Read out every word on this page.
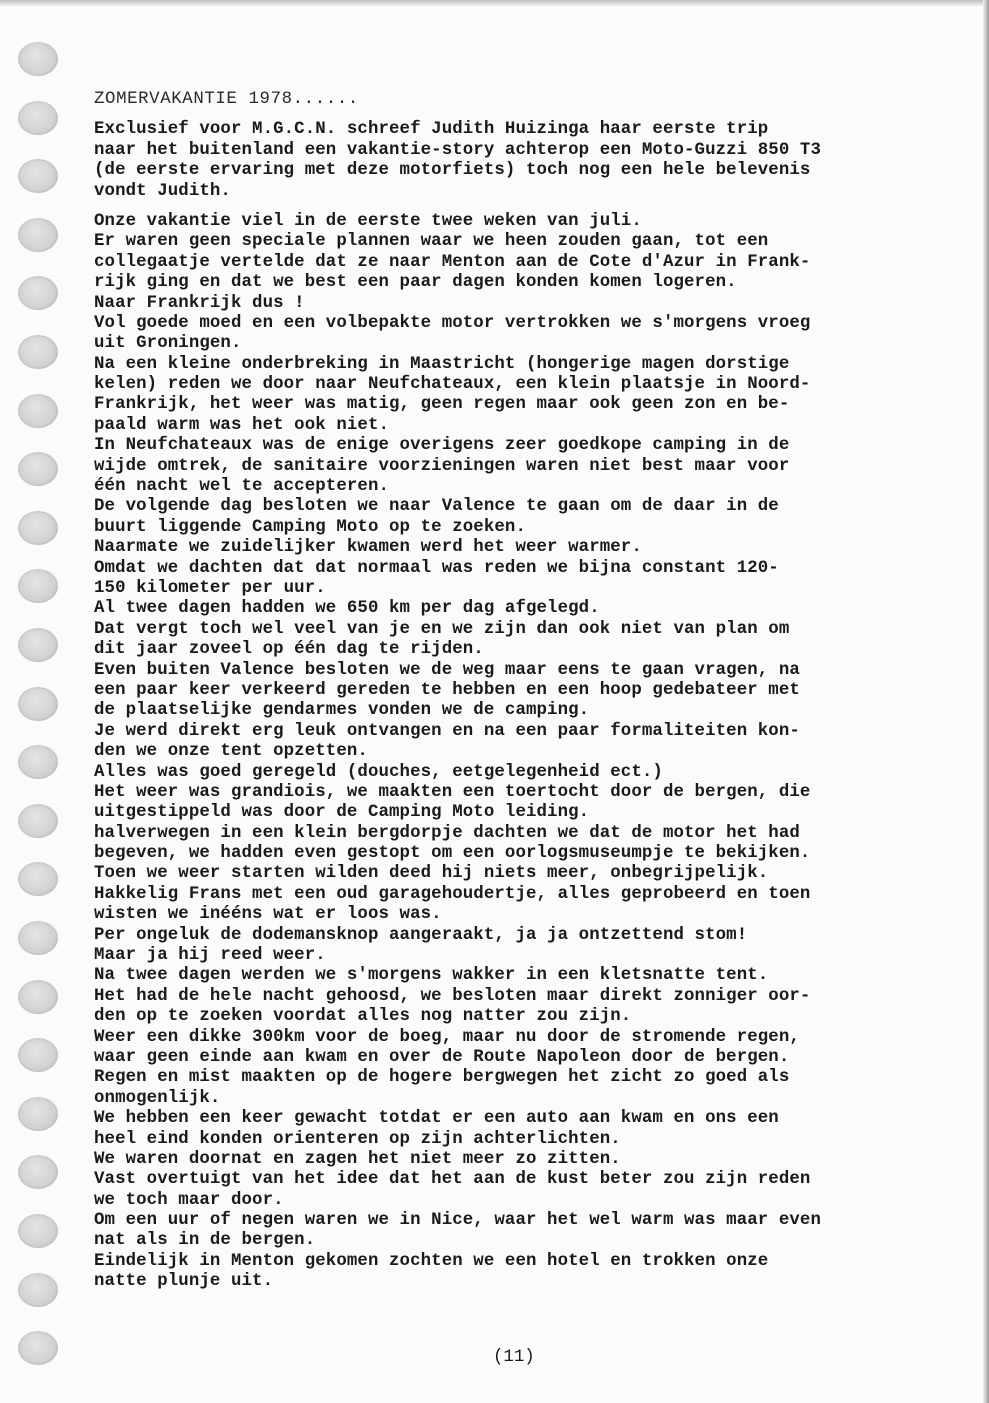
ZOMERVAKANTIE 1978......
Exclusief voor M.G.C.N. schreef Judith Huizinga haar eerste trip
naar het buitenland een vakantie-story achterop een Moto-Guzzi 850 T3
(de eerste ervaring met deze motorfiets) toch nog een hele belevenis
vondt Judith.
Onze vakantie viel in de eerste twee weken van juli.
Er waren geen speciale plannen waar we heen zouden gaan, tot een
collegaatje vertelde dat ze naar Menton aan de Cote d'Azur in Frank-
rijk ging en dat we best een paar dagen konden komen logeren.
Naar Frankrijk dus !
Vol goede moed en een volbepakte motor vertrokken we s'morgens vroeg
uit Groningen.
Na een kleine onderbreking in Maastricht (hongerige magen dorstige
kelen) reden we door naar Neufchateaux, een klein plaatsje in Noord-
Frankrijk, het weer was matig, geen regen maar ook geen zon en be-
paald warm was het ook niet.
In Neufchateaux was de enige overigens zeer goedkope camping in de
wijde omtrek, de sanitaire voorzieningen waren niet best maar voor
één nacht wel te accepteren.
De volgende dag besloten we naar Valence te gaan om de daar in de
buurt liggende Camping Moto op te zoeken.
Naarmate we zuidelijker kwamen werd het weer warmer.
Omdat we dachten dat dat normaal was reden we bijna constant 120-
150 kilometer per uur.
Al twee dagen hadden we 650 km per dag afgelegd.
Dat vergt toch wel veel van je en we zijn dan ook niet van plan om
dit jaar zoveel op één dag te rijden.
Even buiten Valence besloten we de weg maar eens te gaan vragen, na
een paar keer verkeerd gereden te hebben en een hoop gedebateer met
de plaatselijke gendarmes vonden we de camping.
Je werd direkt erg leuk ontvangen en na een paar formaliteiten kon-
den we onze tent opzetten.
Alles was goed geregeld (douches, eetgelegenheid ect.)
Het weer was grandiois, we maakten een toertocht door de bergen, die
uitgestippeld was door de Camping Moto leiding.
halverwegen in een klein bergdorpje dachten we dat de motor het had
begeven, we hadden even gestopt om een oorlogsmuseumpje te bekijken.
Toen we weer starten wilden deed hij niets meer, onbegrijpelijk.
Hakkelig Frans met een oud garagehoudertje, alles geprobeerd en toen
wisten we inééns wat er loos was.
Per ongeluk de dodemansknop aangeraakt, ja ja ontzettend stom!
Maar ja hij reed weer.
Na twee dagen werden we s'morgens wakker in een kletsnatte tent.
Het had de hele nacht gehoosd, we besloten maar direkt zonniger oor-
den op te zoeken voordat alles nog natter zou zijn.
Weer een dikke 300km voor de boeg, maar nu door de stromende regen,
waar geen einde aan kwam en over de Route Napoleon door de bergen.
Regen en mist maakten op de hogere bergwegen het zicht zo goed als
onmogenlijk.
We hebben een keer gewacht totdat er een auto aan kwam en ons een
heel eind konden orienteren op zijn achterlichten.
We waren doornat en zagen het niet meer zo zitten.
Vast overtuigt van het idee dat het aan de kust beter zou zijn reden
we toch maar door.
Om een uur of negen waren we in Nice, waar het wel warm was maar even
nat als in de bergen.
Eindelijk in Menton gekomen zochten we een hotel en trokken onze
natte plunje uit.
(11)
